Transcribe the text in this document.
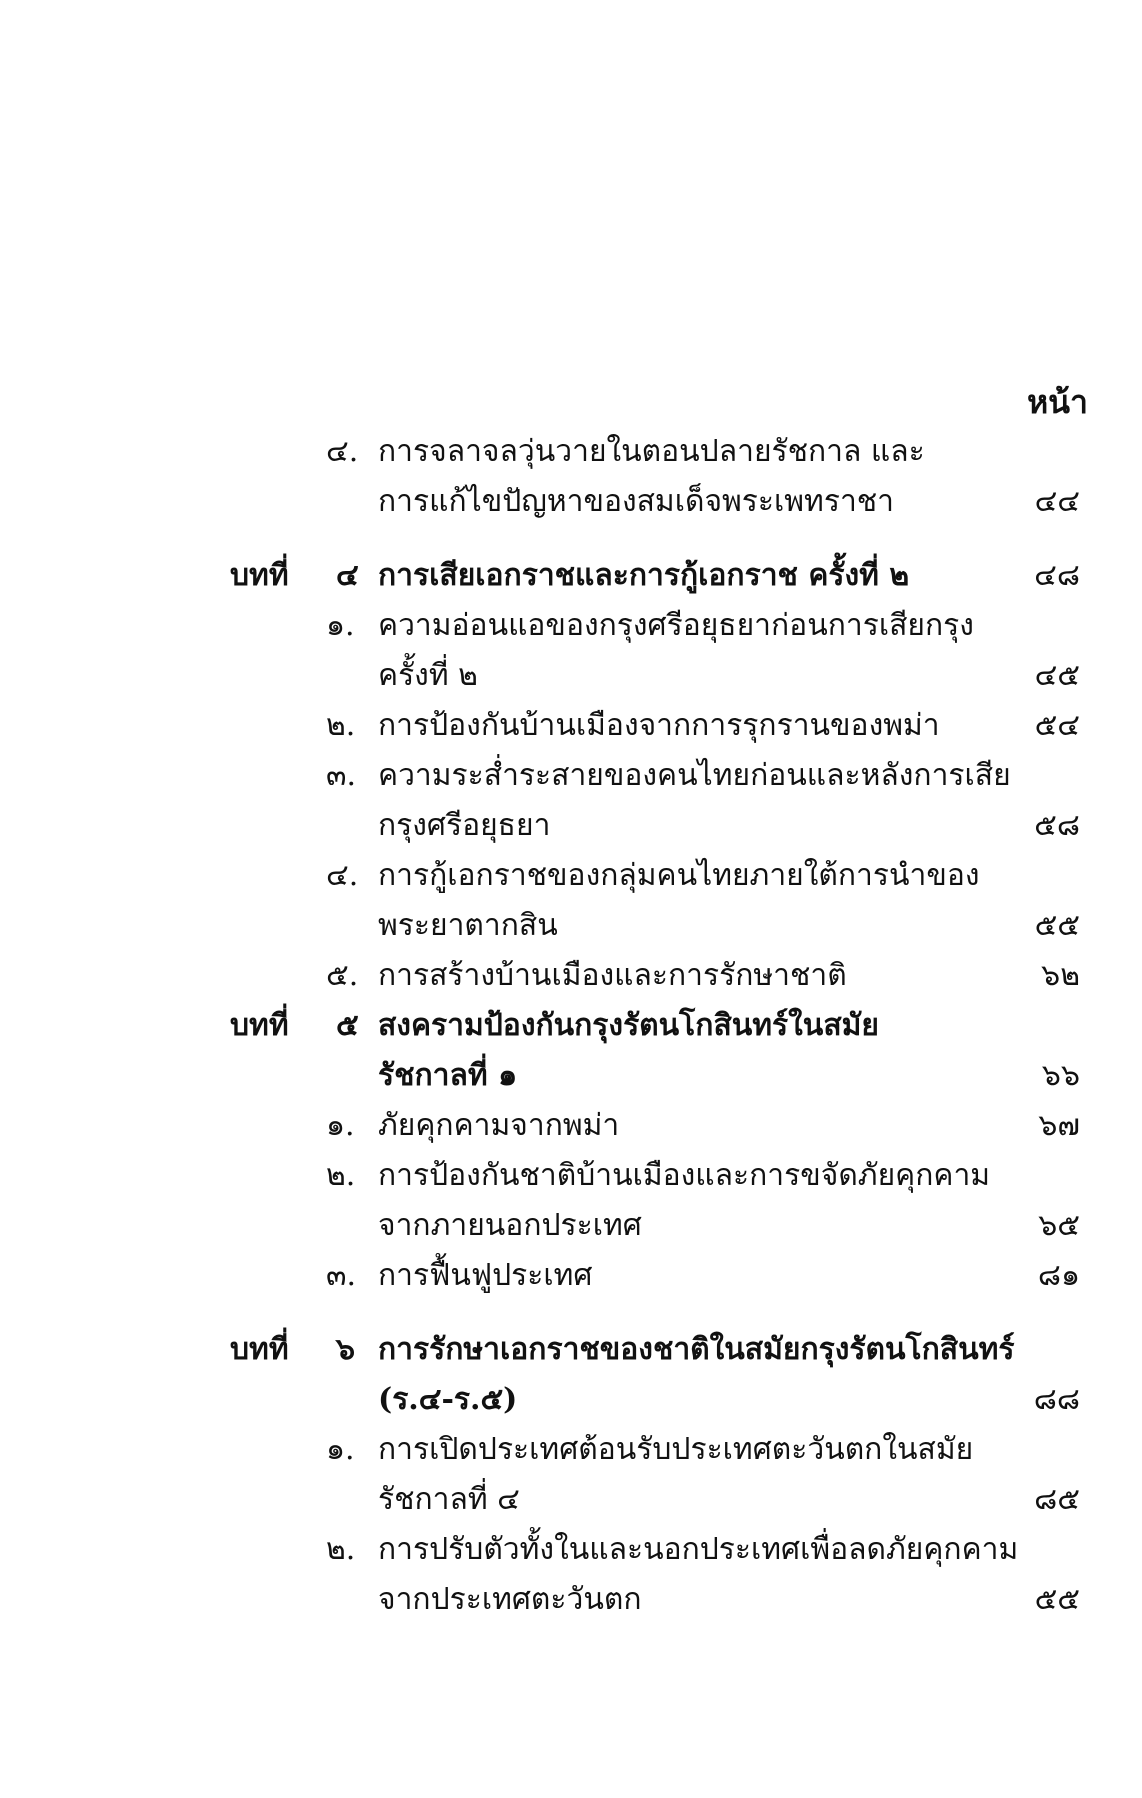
หน้า
๔. การจลาจลวุ่นวายในตอนปลายรัชกาล และ
การแก้ไขปัญหาของสมเด็จพระเพทราชา	๔๔
บทที่ ๔ การเสียเอกราชและการกู้เอกราช ครั้งที่ ๒	๔๘
๑. ความอ่อนแอของกรุงศรีอยุธยาก่อนการเสียกรุง
ครั้งที่ ๒	๔๕
๒. การป้องกันบ้านเมืองจากการรุกรานของพม่า	๕๔
๓. ความระส่ำระสายของคนไทยก่อนและหลังการเสีย
กรุงศรีอยุธยา	๕๘
๔. การกู้เอกราชของกลุ่มคนไทยภายใต้การนำของ
พระยาตากสิน	๕๕
๕. การสร้างบ้านเมืองและการรักษาชาติ	๖๒
บทที่ ๕ สงครามป้องกันกรุงรัตนโกสินทร์ในสมัย
รัชกาลที่ ๑	๖๖
๑. ภัยคุกคามจากพม่า	๖๗
๒. การป้องกันชาติบ้านเมืองและการขจัดภัยคุกคาม
จากภายนอกประเทศ	๖๕
๓. การฟื้นฟูประเทศ	๘๑
บทที่ ๖ การรักษาเอกราชของชาติในสมัยกรุงรัตนโกสินทร์
(ร.๔-ร.๕)	๘๘
๑. การเปิดประเทศต้อนรับประเทศตะวันตกในสมัย
รัชกาลที่ ๔	๘๕
๒. การปรับตัวทั้งในและนอกประเทศเพื่อลดภัยคุกคาม
จากประเทศตะวันตก	๕๕
